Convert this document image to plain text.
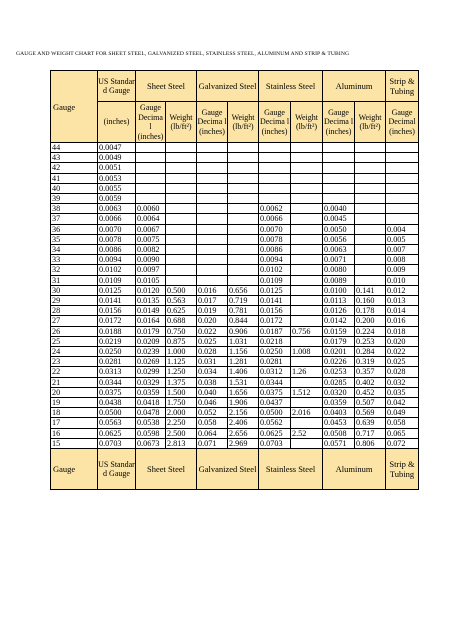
GAUGE AND WEIGHT CHART FOR SHEET STEEL, GALVANIZED STEEL, STAINLESS STEEL, ALUMINUM AND STRIP & TUBING
Gauge	US Standar d Gauge	Sheet Steel		Galvanized Steel		Stainless Steel		Aluminum		Strip & Tubing
	(inches)	Gauge Decima l (inches)	Weight (lb/ft²)	Gauge Decima l (inches)	Weight (lb/ft²)	Gauge Decima l (inches)	Weight (lb/ft²)	Gauge Decima l (inches)	Weight (lb/ft²)	Gauge Decimal (inches)
44	0.0047									
43	0.0049									
42	0.0051									
41	0.0053									
40	0.0055									
39	0.0059									
38	0.0063	0.0060				0.0062		0.0040		
37	0.0066	0.0064				0.0066		0.0045		
36	0.0070	0.0067				0.0070		0.0050		0.004
35	0.0078	0.0075				0.0078		0.0056		0.005
34	0.0086	0.0082				0.0086		0.0063		0.007
33	0.0094	0.0090				0.0094		0.0071		0.008
32	0.0102	0.0097				0.0102		0.0080		0.009
31	0.0109	0.0105				0.0109		0.0089		0.010
30	0.0125	0.0120	0.500	0.016	0.656	0.0125		0.0100	0.141	0.012
29	0.0141	0.0135	0.563	0.017	0.719	0.0141		0.0113	0.160	0.013
28	0.0156	0.0149	0.625	0.019	0.781	0.0156		0.0126	0.178	0.014
27	0.0172	0.0164	0.688	0.020	0.844	0.0172		0.0142	0.200	0.016
26	0.0188	0.0179	0.750	0.022	0.906	0.0187	0.756	0.0159	0.224	0.018
25	0.0219	0.0209	0.875	0.025	1.031	0.0218		0.0179	0.253	0.020
24	0.0250	0.0239	1.000	0.028	1.156	0.0250	1.008	0.0201	0.284	0.022
23	0.0281	0.0269	1.125	0.031	1.281	0.0281		0.0226	0.319	0.025
22	0.0313	0.0299	1.250	0.034	1.406	0.0312	1.26	0.0253	0.357	0.028
21	0.0344	0.0329	1.375	0.038	1.531	0.0344		0.0285	0.402	0.032
20	0.0375	0.0359	1.500	0.040	1.656	0.0375	1.512	0.0320	0.452	0.035
19	0.0438	0.0418	1.750	0.046	1.906	0.0437		0.0359	0.507	0.042
18	0.0500	0.0478	2.000	0.052	2.156	0.0500	2.016	0.0403	0.569	0.049
17	0.0563	0.0538	2.250	0.058	2.406	0.0562		0.0453	0.639	0.058
16	0.0625	0.0598	2.500	0.064	2.656	0.0625	2.52	0.0508	0.717	0.065
15	0.0703	0.0673	2.813	0.071	2.969	0.0703		0.0571	0.806	0.072
Gauge	US Standar d Gauge	Sheet Steel		Galvanized Steel		Stainless Steel		Aluminum		Strip & Tubing
